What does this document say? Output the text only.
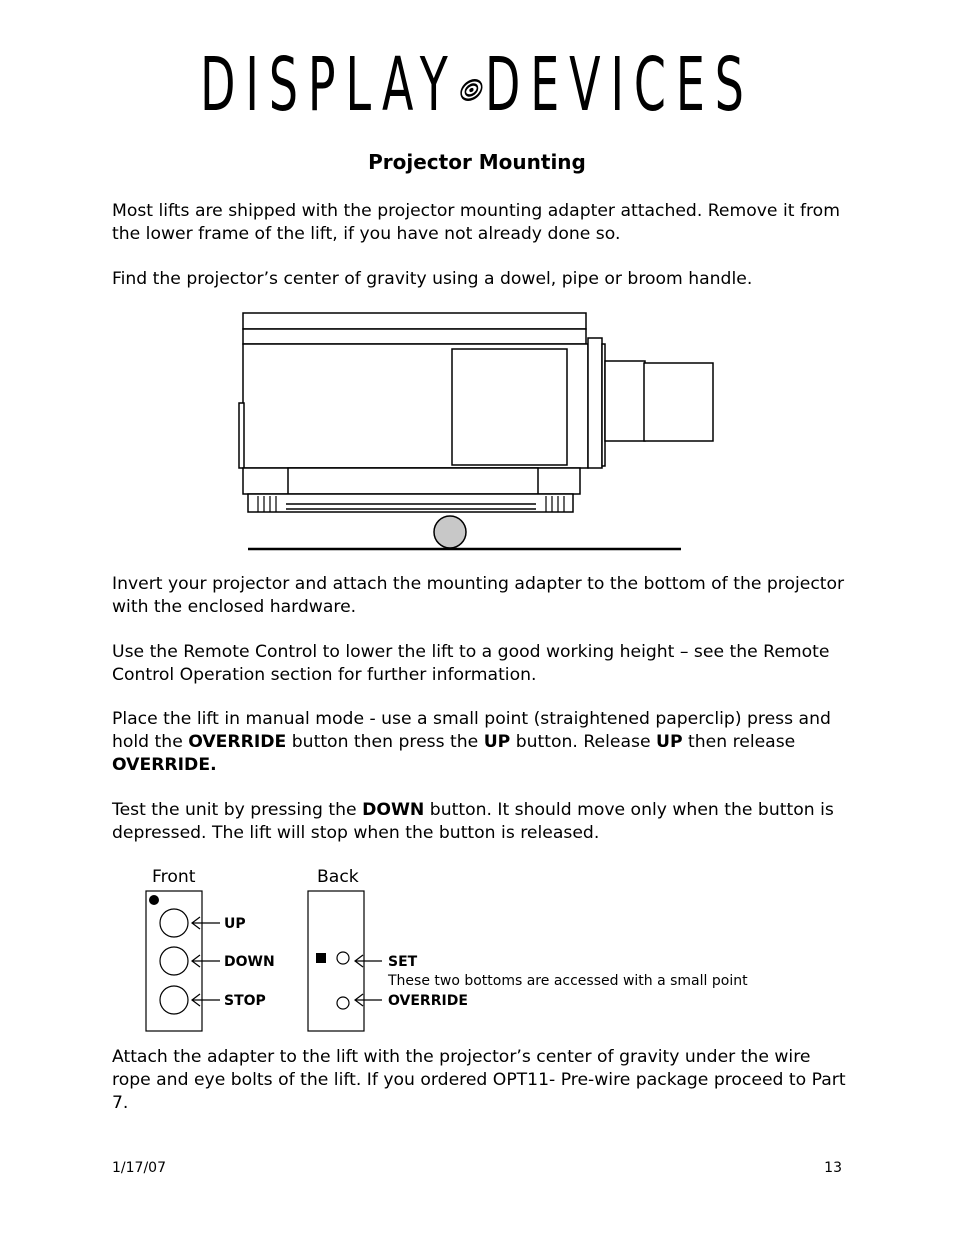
DISPLAY DEVICES
Projector Mounting
Most lifts are shipped with the projector mounting adapter attached. Remove it from the lower frame of the lift, if you have not already done so.
Find the projector’s center of gravity using a dowel, pipe or broom handle.
Invert your projector and attach the mounting adapter to the bottom of the projector with the enclosed hardware.
Use the Remote Control to lower the lift to a good working height – see the Remote Control Operation section for further information.
Place the lift in manual mode - use a small point (straightened paperclip) press and hold the OVERRIDE button then press the UP button. Release UP then release
OVERRIDE.
Test the unit by pressing the DOWN button. It should move only when the button is depressed. The lift will stop when the button is released.
Front	Back
UP
DOWN
STOP
SET
These two bottoms are accessed with a small point
OVERRIDE
Attach the adapter to the lift with the projector’s center of gravity under the wire rope and eye bolts of the lift. If you ordered OPT11- Pre-wire package proceed to Part 7.
1/17/07	13
